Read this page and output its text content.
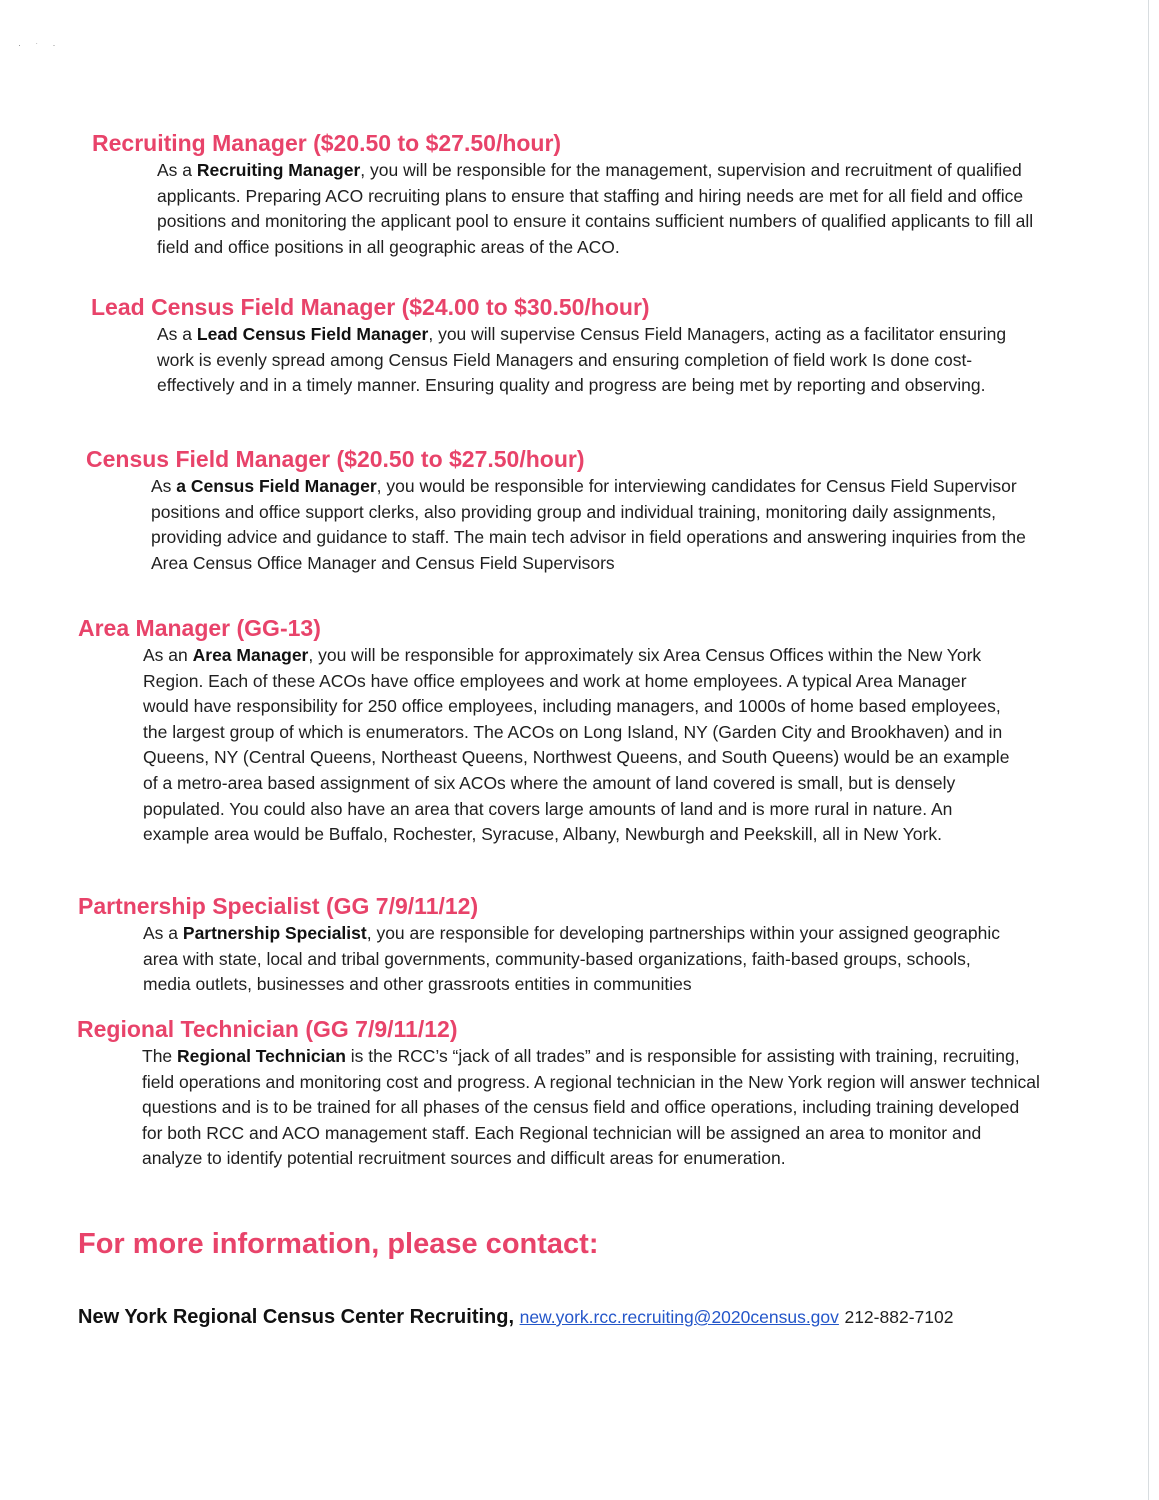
· ˑ ·
Recruiting Manager ($20.50 to $27.50/hour)

As a Recruiting Manager, you will be responsible for the management, supervision and recruitment of qualified applicants. Preparing ACO recruiting plans to ensure that staffing and hiring needs are met for all field and office positions and monitoring the applicant pool to ensure it contains sufficient numbers of qualified applicants to fill all field and office positions in all geographic areas of the ACO.

Lead Census Field Manager ($24.00 to $30.50/hour)

As a Lead Census Field Manager, you will supervise Census Field Managers, acting as a facilitator ensuring work is evenly spread among Census Field Managers and ensuring completion of field work Is done cost-effectively and in a timely manner. Ensuring quality and progress are being met by reporting and observing.

Census Field Manager ($20.50 to $27.50/hour)

As a Census Field Manager, you would be responsible for interviewing candidates for Census Field Supervisor positions and office support clerks, also providing group and individual training, monitoring daily assignments, providing advice and guidance to staff. The main tech advisor in field operations and answering inquiries from the Area Census Office Manager and Census Field Supervisors

Area Manager (GG-13)

As an Area Manager, you will be responsible for approximately six Area Census Offices within the New York Region. Each of these ACOs have office employees and work at home employees. A typical Area Manager would have responsibility for 250 office employees, including managers, and 1000s of home based employees, the largest group of which is enumerators. The ACOs on Long Island, NY (Garden City and Brookhaven) and in Queens, NY (Central Queens, Northeast Queens, Northwest Queens, and South Queens) would be an example of a metro-area based assignment of six ACOs where the amount of land covered is small, but is densely populated. You could also have an area that covers large amounts of land and is more rural in nature. An example area would be Buffalo, Rochester, Syracuse, Albany, Newburgh and Peekskill, all in New York.

Partnership Specialist (GG 7/9/11/12)

As a Partnership Specialist, you are responsible for developing partnerships within your assigned geographic area with state, local and tribal governments, community-based organizations, faith-based groups, schools, media outlets, businesses and other grassroots entities in communities

Regional Technician (GG 7/9/11/12)

The Regional Technician is the RCC’s “jack of all trades” and is responsible for assisting with training, recruiting, field operations and monitoring cost and progress. A regional technician in the New York region will answer technical questions and is to be trained for all phases of the census field and office operations, including training developed for both RCC and ACO management staff. Each Regional technician will be assigned an area to monitor and analyze to identify potential recruitment sources and difficult areas for enumeration.

For more information, please contact:

New York Regional Census Center Recruiting, new.york.rcc.recruiting@2020census.gov 212-882-7102
